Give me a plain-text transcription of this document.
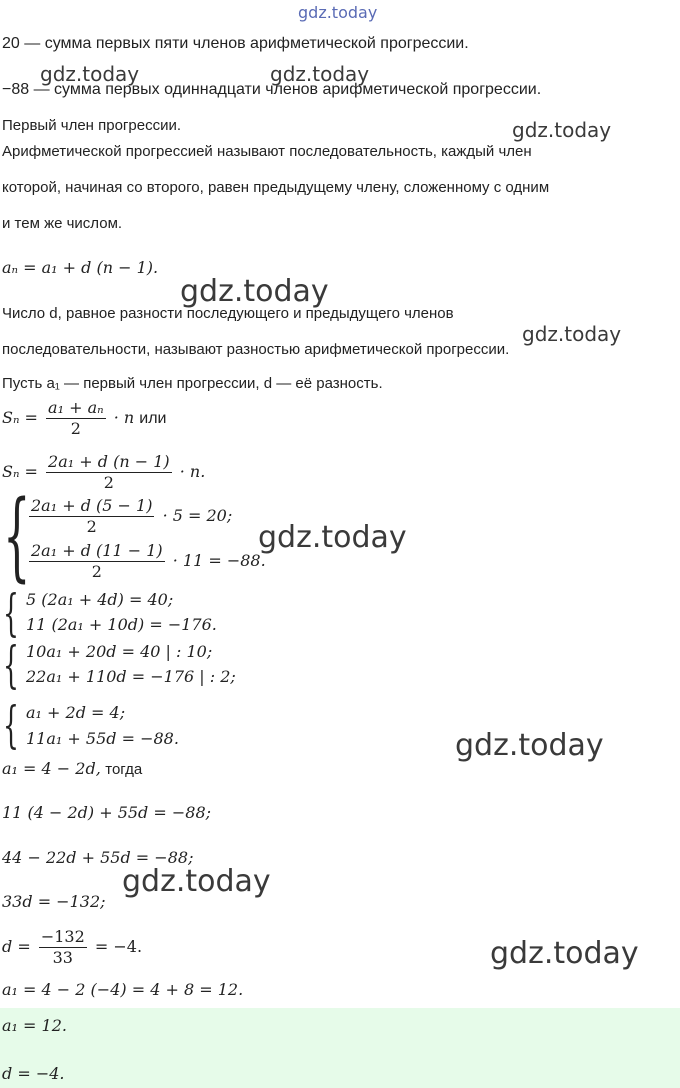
gdz.today
gdz.today	gdz.today
gdz.today
gdz.today
gdz.today
gdz.today
gdz.today
gdz.today
gdz.today
20 — сумма первых пяти членов арифметической прогрессии.
−88 — сумма первых одиннадцати членов арифметической прогрессии.
Первый член прогрессии.
Арифметической прогрессией называют последовательность, каждый член
которой, начиная со второго, равен предыдущему члену, сложенному с одним
и тем же числом.
aₙ = a₁ + d (n − 1).
Число d, равное разности последующего и предыдущего членов
последовательности, называют разностью арифметической прогрессии.
Пусть a₁ — первый член прогрессии, d — её разность.
$S_n = \frac{\text{a₁ + aₙ}}{2} \cdot n$ или
$S_n = \frac{\text{2a₁ + d (n − 1)}}{2} \cdot n$.
{
$\frac{\text{2a₁ + d (5 − 1)}}{2} \cdot 5 = 20$;
$\frac{\text{2a₁ + d (11 − 1)}}{2} \cdot 11 = -88$.
{ 5 (2a₁ + 4d) = 40;
11 (2a₁ + 10d) = −176.
{ 10a₁ + 20d = 40 | : 10;
22a₁ + 110d = −176 | : 2;
{ a₁ + 2d = 4;
11a₁ + 55d = −88.
a₁ = 4 − 2d, тогда
11 (4 − 2d) + 55d = −88;
44 − 22d + 55d = −88;
33d = −132;
$d = \frac{-132}{33} = -4$.
a₁ = 4 − 2 (−4) = 4 + 8 = 12.
a₁ = 12.
d = −4.
